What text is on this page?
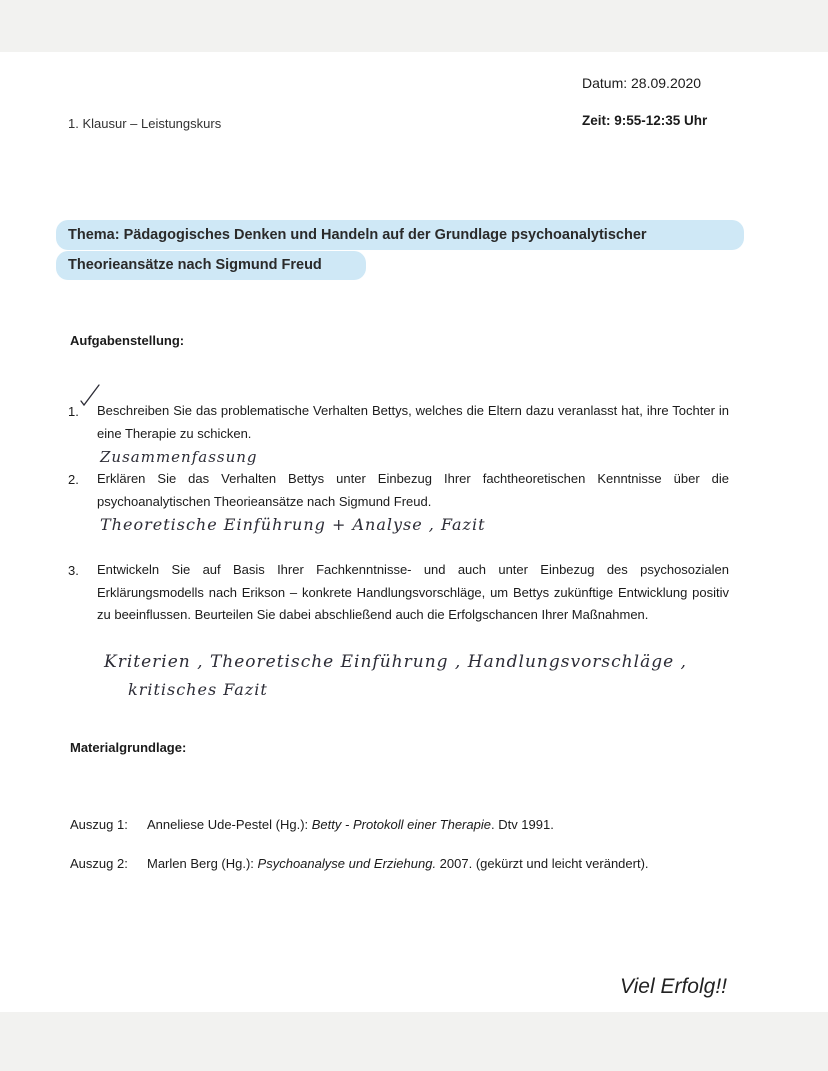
Datum: 28.09.2020
1. Klausur – Leistungskurs	Zeit: 9:55-12:35 Uhr
Thema: Pädagogisches Denken und Handeln auf der Grundlage psychoanalytischer
Theorieansätze nach Sigmund Freud
Aufgabenstellung:
1. Beschreiben Sie das problematische Verhalten Bettys, welches die Eltern dazu veranlasst hat, ihre Tochter in eine Therapie zu schicken.
Zusammenfassung
2. Erklären Sie das Verhalten Bettys unter Einbezug Ihrer fachtheoretischen Kenntnisse über die psychoanalytischen Theorieansätze nach Sigmund Freud.
Theoretische Einführung + Analyse , Fazit
3. Entwickeln Sie auf Basis Ihrer Fachkenntnisse- und auch unter Einbezug des psychosozialen Erklärungsmodells nach Erikson – konkrete Handlungsvorschläge, um Bettys zukünftige Entwicklung positiv zu beeinflussen. Beurteilen Sie dabei abschließend auch die Erfolgschancen Ihrer Maßnahmen.
Kriterien , Theoretische Einführung , Handlungsvorschläge ,
kritisches Fazit
Materialgrundlage:
Auszug 1: Anneliese Ude-Pestel (Hg.): Betty - Protokoll einer Therapie. Dtv 1991.
Auszug 2: Marlen Berg (Hg.): Psychoanalyse und Erziehung. 2007. (gekürzt und leicht verändert).
Viel Erfolg!!
